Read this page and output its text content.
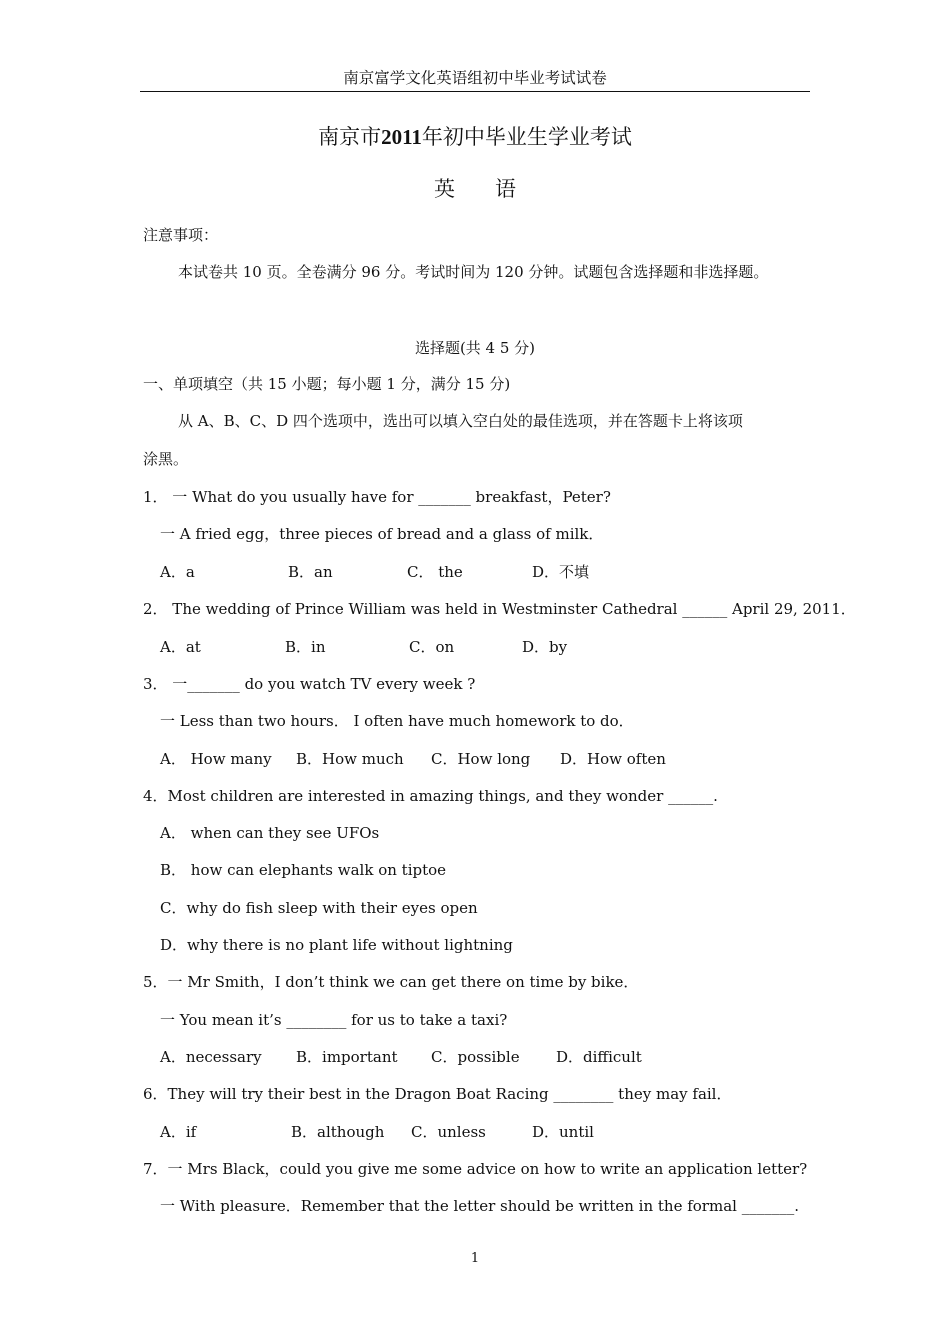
南京富学文化英语组初中毕业考试试卷
南京市2011年初中毕业生学业考试
英语
注意事项：
本试卷共 10 页。全卷满分 96 分。考试时间为 120 分钟。试题包含选择题和非选择题。
选择题(共 4 5 分)
一、单项填空（共 15 小题；每小题 1 分，满分 15 分)
从 A、B、C、D 四个选项中，选出可以填入空白处的最佳选项，并在答题卡上将该项
涂黑。
1． 一 What do you usually have for _______ breakfast，Peter?
一 A fried egg，three pieces of bread and a glass of milk．
A．a	B．an	C． the	D．不填
2． The wedding of Prince William was held in Westminster Cathedral ______ April 29, 2011．
A．at	B．in	C．on	D．by
3． 一_______ do you watch TV every week ?
一 Less than two hours． I often have much homework to do．
A． How many B．How much C．How long D．How often
4．Most children are interested in amazing things, and they wonder ______.
A． when can they see UFOs
B． how can elephants walk on tiptoe
C．why do fish sleep with their eyes open
D．why there is no plant life without lightning
5．一 Mr Smith，I don’t think we can get there on time by bike．
一 You mean it’s ________ for us to take a taxi?
A．necessary B．important C．possible D．difficult
6．They will try their best in the Dragon Boat Racing ________ they may fail．
A．if	B．although C．unless	D．until
7．一 Mrs Black，could you give me some advice on how to write an application letter?
一 With pleasure．Remember that the letter should be written in the formal _______.
1
